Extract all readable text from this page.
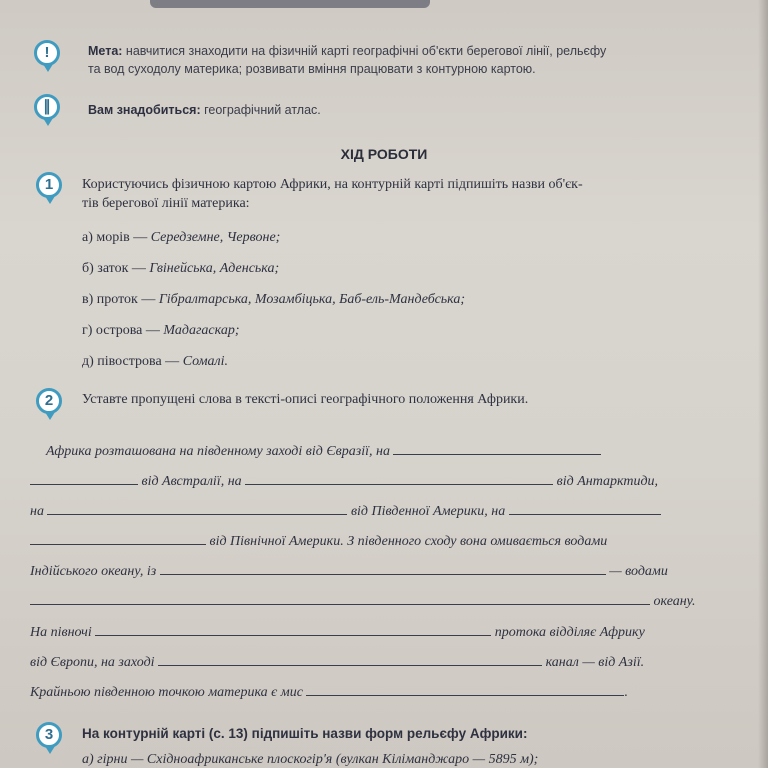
!	Мета: навчитися знаходити на фізичній карті географічні об'єкти берегової лінії, рельєфу
та вод суходолу материка; розвивати вміння працювати з контурною картою.
∥	Вам знадобиться: географічний атлас.
ХІД РОБОТИ
1	Користуючись фізичною картою Африки, на контурній карті підпишіть назви об'єк-
тів берегової лінії материка:
а) морів — Середземне, Червоне;
б) заток — Гвінейська, Аденська;
в) проток — Гібралтарська, Мозамбіцька, Баб-ель-Мандебська;
г) острова — Мадагаскар;
д) півострова — Сомалі.
2	Уставте пропущені слова в тексті-описі географічного положення Африки.
Африка розташована на південному заході від Євразії, на
від Австралії, на	від Антарктиди,
на	від Південної Америки, на
від Північної Америки. З південного сходу вона омивається водами
Індійського океану, із	— водами
океану.
На півночі	протока відділяє Африку
від Європи, на заході	канал — від Азії.
Крайньою південною точкою материка є мис	.
3	На контурній карті (с. 13) підпишіть назви форм рельєфу Африки:
а) гірни — Східноафриканське плоскогір'я (вулкан Кіліманджаро — 5895 м);
